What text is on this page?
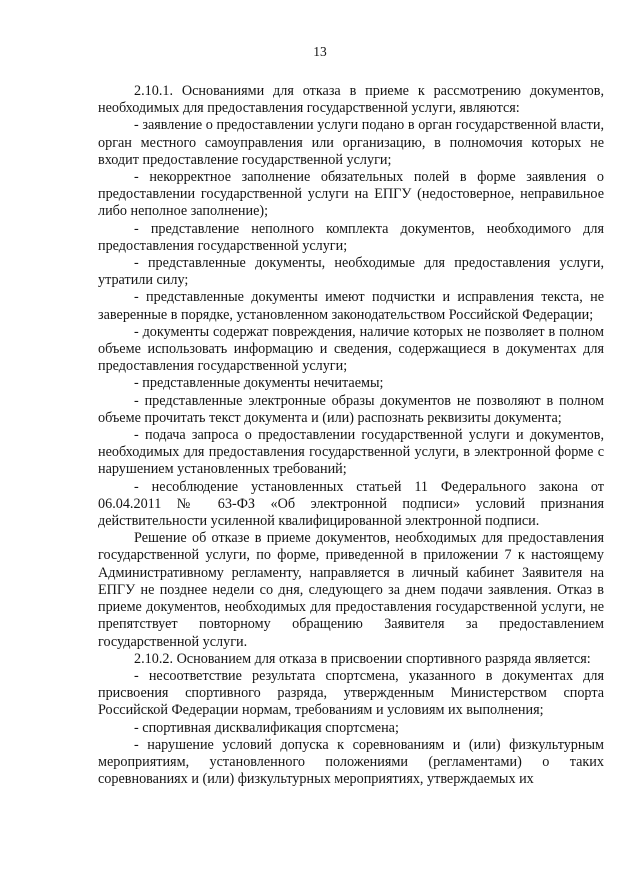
13

2.10.1. Основаниями для отказа в приеме к рассмотрению документов, необходимых для предоставления государственной услуги, являются:

- заявление о предоставлении услуги подано в орган государственной власти, орган местного самоуправления или организацию, в полномочия которых не входит предоставление государственной услуги;

- некорректное заполнение обязательных полей в форме заявления о предоставлении государственной услуги на ЕПГУ (недостоверное, неправильное либо неполное заполнение);

- представление неполного комплекта документов, необходимого для предоставления государственной услуги;

- представленные документы, необходимые для предоставления услуги, утратили силу;

- представленные документы имеют подчистки и исправления текста, не заверенные в порядке, установленном законодательством Российской Федерации;

- документы содержат повреждения, наличие которых не позволяет в полном объеме использовать информацию и сведения, содержащиеся в документах для предоставления государственной услуги;

- представленные документы нечитаемы;

- представленные электронные образы документов не позволяют в полном объеме прочитать текст документа и (или) распознать реквизиты документа;

- подача запроса о предоставлении государственной услуги и документов, необходимых для предоставления государственной услуги, в электронной форме с нарушением установленных требований;

- несоблюдение установленных статьей 11 Федерального закона от 06.04.2011 № 63-ФЗ «Об электронной подписи» условий признания действительности усиленной квалифицированной электронной подписи.

Решение об отказе в приеме документов, необходимых для предоставления государственной услуги, по форме, приведенной в приложении 7 к настоящему Административному регламенту, направляется в личный кабинет Заявителя на ЕПГУ не позднее недели со дня, следующего за днем подачи заявления. Отказ в приеме документов, необходимых для предоставления государственной услуги, не препятствует повторному обращению Заявителя за предоставлением государственной услуги.

2.10.2. Основанием для отказа в присвоении спортивного разряда является:

- несоответствие результата спортсмена, указанного в документах для присвоения спортивного разряда, утвержденным Министерством спорта Российской Федерации нормам, требованиям и условиям их выполнения;

- спортивная дисквалификация спортсмена;

- нарушение условий допуска к соревнованиям и (или) физкультурным мероприятиям, установленного положениями (регламентами) о таких соревнованиях и (или) физкультурных мероприятиях, утверждаемых их
